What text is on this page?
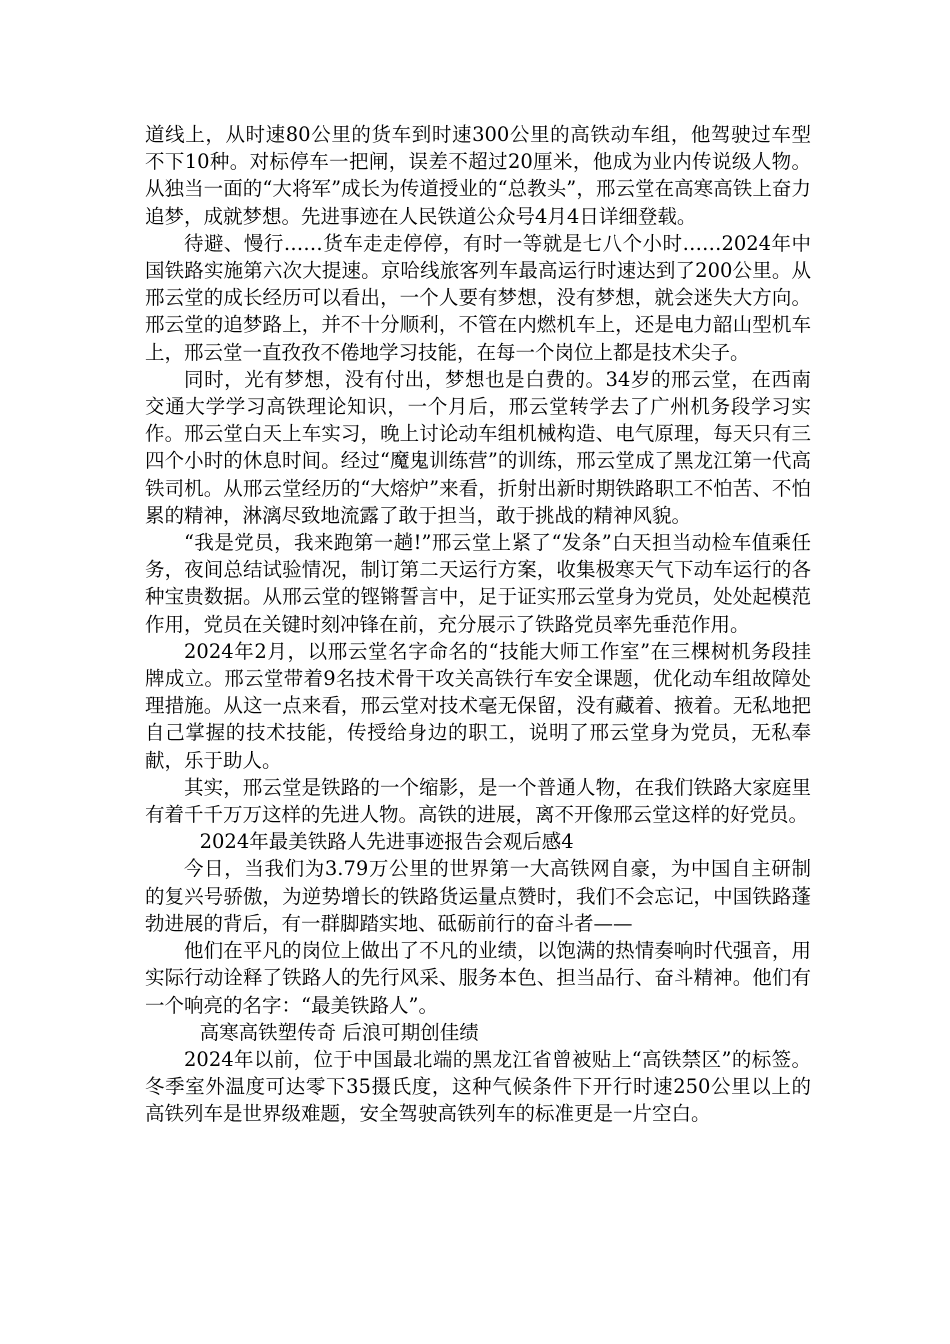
道线上，从时速80公里的货车到时速300公里的高铁动车组，他驾驶过车型不下10种。对标停车一把闸，误差不超过20厘米，他成为业内传说级人物。从独当一面的“大将军”成长为传道授业的“总教头”，邢云堂在高寒高铁上奋力追梦，成就梦想。先进事迹在人民铁道公众号4月4日详细登载。

待避、慢行……货车走走停停，有时一等就是七八个小时……2024年中国铁路实施第六次大提速。京哈线旅客列车最高运行时速达到了200公里。从邢云堂的成长经历可以看出，一个人要有梦想，没有梦想，就会迷失大方向。邢云堂的追梦路上，并不十分顺利，不管在内燃机车上，还是电力韶山型机车上，邢云堂一直孜孜不倦地学习技能，在每一个岗位上都是技术尖子。

同时，光有梦想，没有付出，梦想也是白费的。34岁的邢云堂，在西南交通大学学习高铁理论知识，一个月后，邢云堂转学去了广州机务段学习实作。邢云堂白天上车实习，晚上讨论动车组机械构造、电气原理，每天只有三四个小时的休息时间。经过“魔鬼训练营”的训练，邢云堂成了黑龙江第一代高铁司机。从邢云堂经历的“大熔炉”来看，折射出新时期铁路职工不怕苦、不怕累的精神，淋漓尽致地流露了敢于担当，敢于挑战的精神风貌。

“我是党员，我来跑第一趟!”邢云堂上紧了“发条”白天担当动检车值乘任务，夜间总结试验情况，制订第二天运行方案，收集极寒天气下动车运行的各种宝贵数据。从邢云堂的铿锵誓言中，足于证实邢云堂身为党员，处处起模范作用，党员在关键时刻冲锋在前，充分展示了铁路党员率先垂范作用。

2024年2月，以邢云堂名字命名的“技能大师工作室”在三棵树机务段挂牌成立。邢云堂带着9名技术骨干攻关高铁行车安全课题，优化动车组故障处理措施。从这一点来看，邢云堂对技术毫无保留，没有藏着、掖着。无私地把自己掌握的技术技能，传授给身边的职工，说明了邢云堂身为党员，无私奉献，乐于助人。

其实，邢云堂是铁路的一个缩影，是一个普通人物，在我们铁路大家庭里有着千千万万这样的先进人物。高铁的进展，离不开像邢云堂这样的好党员。

2024年最美铁路人先进事迹报告会观后感4

今日，当我们为3.79万公里的世界第一大高铁网自豪，为中国自主研制的复兴号骄傲，为逆势增长的铁路货运量点赞时，我们不会忘记，中国铁路蓬勃进展的背后，有一群脚踏实地、砥砺前行的奋斗者——

他们在平凡的岗位上做出了不凡的业绩，以饱满的热情奏响时代强音，用实际行动诠释了铁路人的先行风采、服务本色、担当品行、奋斗精神。他们有一个响亮的名字：“最美铁路人”。

高寒高铁塑传奇 后浪可期创佳绩

2024年以前，位于中国最北端的黑龙江省曾被贴上“高铁禁区”的标签。冬季室外温度可达零下35摄氏度，这种气候条件下开行时速250公里以上的高铁列车是世界级难题，安全驾驶高铁列车的标准更是一片空白。
